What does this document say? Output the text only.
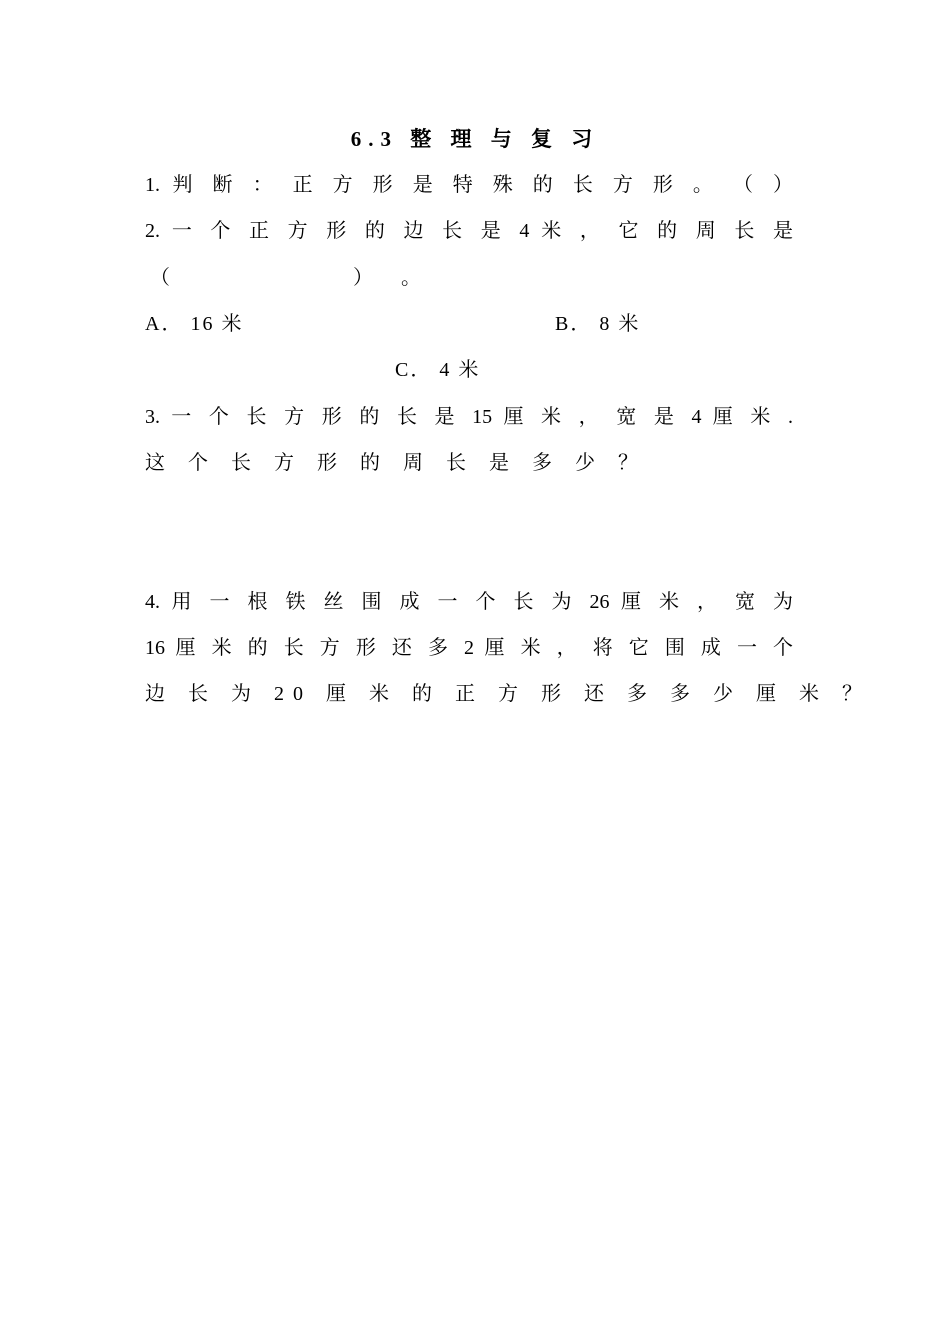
6.3 整 理 与 复 习
1. 判 断 ： 正 方 形 是 特 殊 的 长 方 形 。 （ ）
2. 一 个 正 方 形 的 边 长 是 4 米 ， 它 的 周 长 是
（　　　　　　）　。
A． 16 米	B． 8 米
C． 4 米
3. 一 个 长 方 形 的 长 是 15 厘 米 ， 宽 是 4 厘 米 .
这 个 长 方 形 的 周 长 是 多 少 ？
4. 用 一 根 铁 丝 围 成 一 个 长 为 26 厘 米 ， 宽 为
16 厘 米 的 长 方 形 还 多 2 厘 米 ， 将 它 围 成 一 个
边 长 为 20 厘 米 的 正 方 形 还 多 多 少 厘 米 ？
